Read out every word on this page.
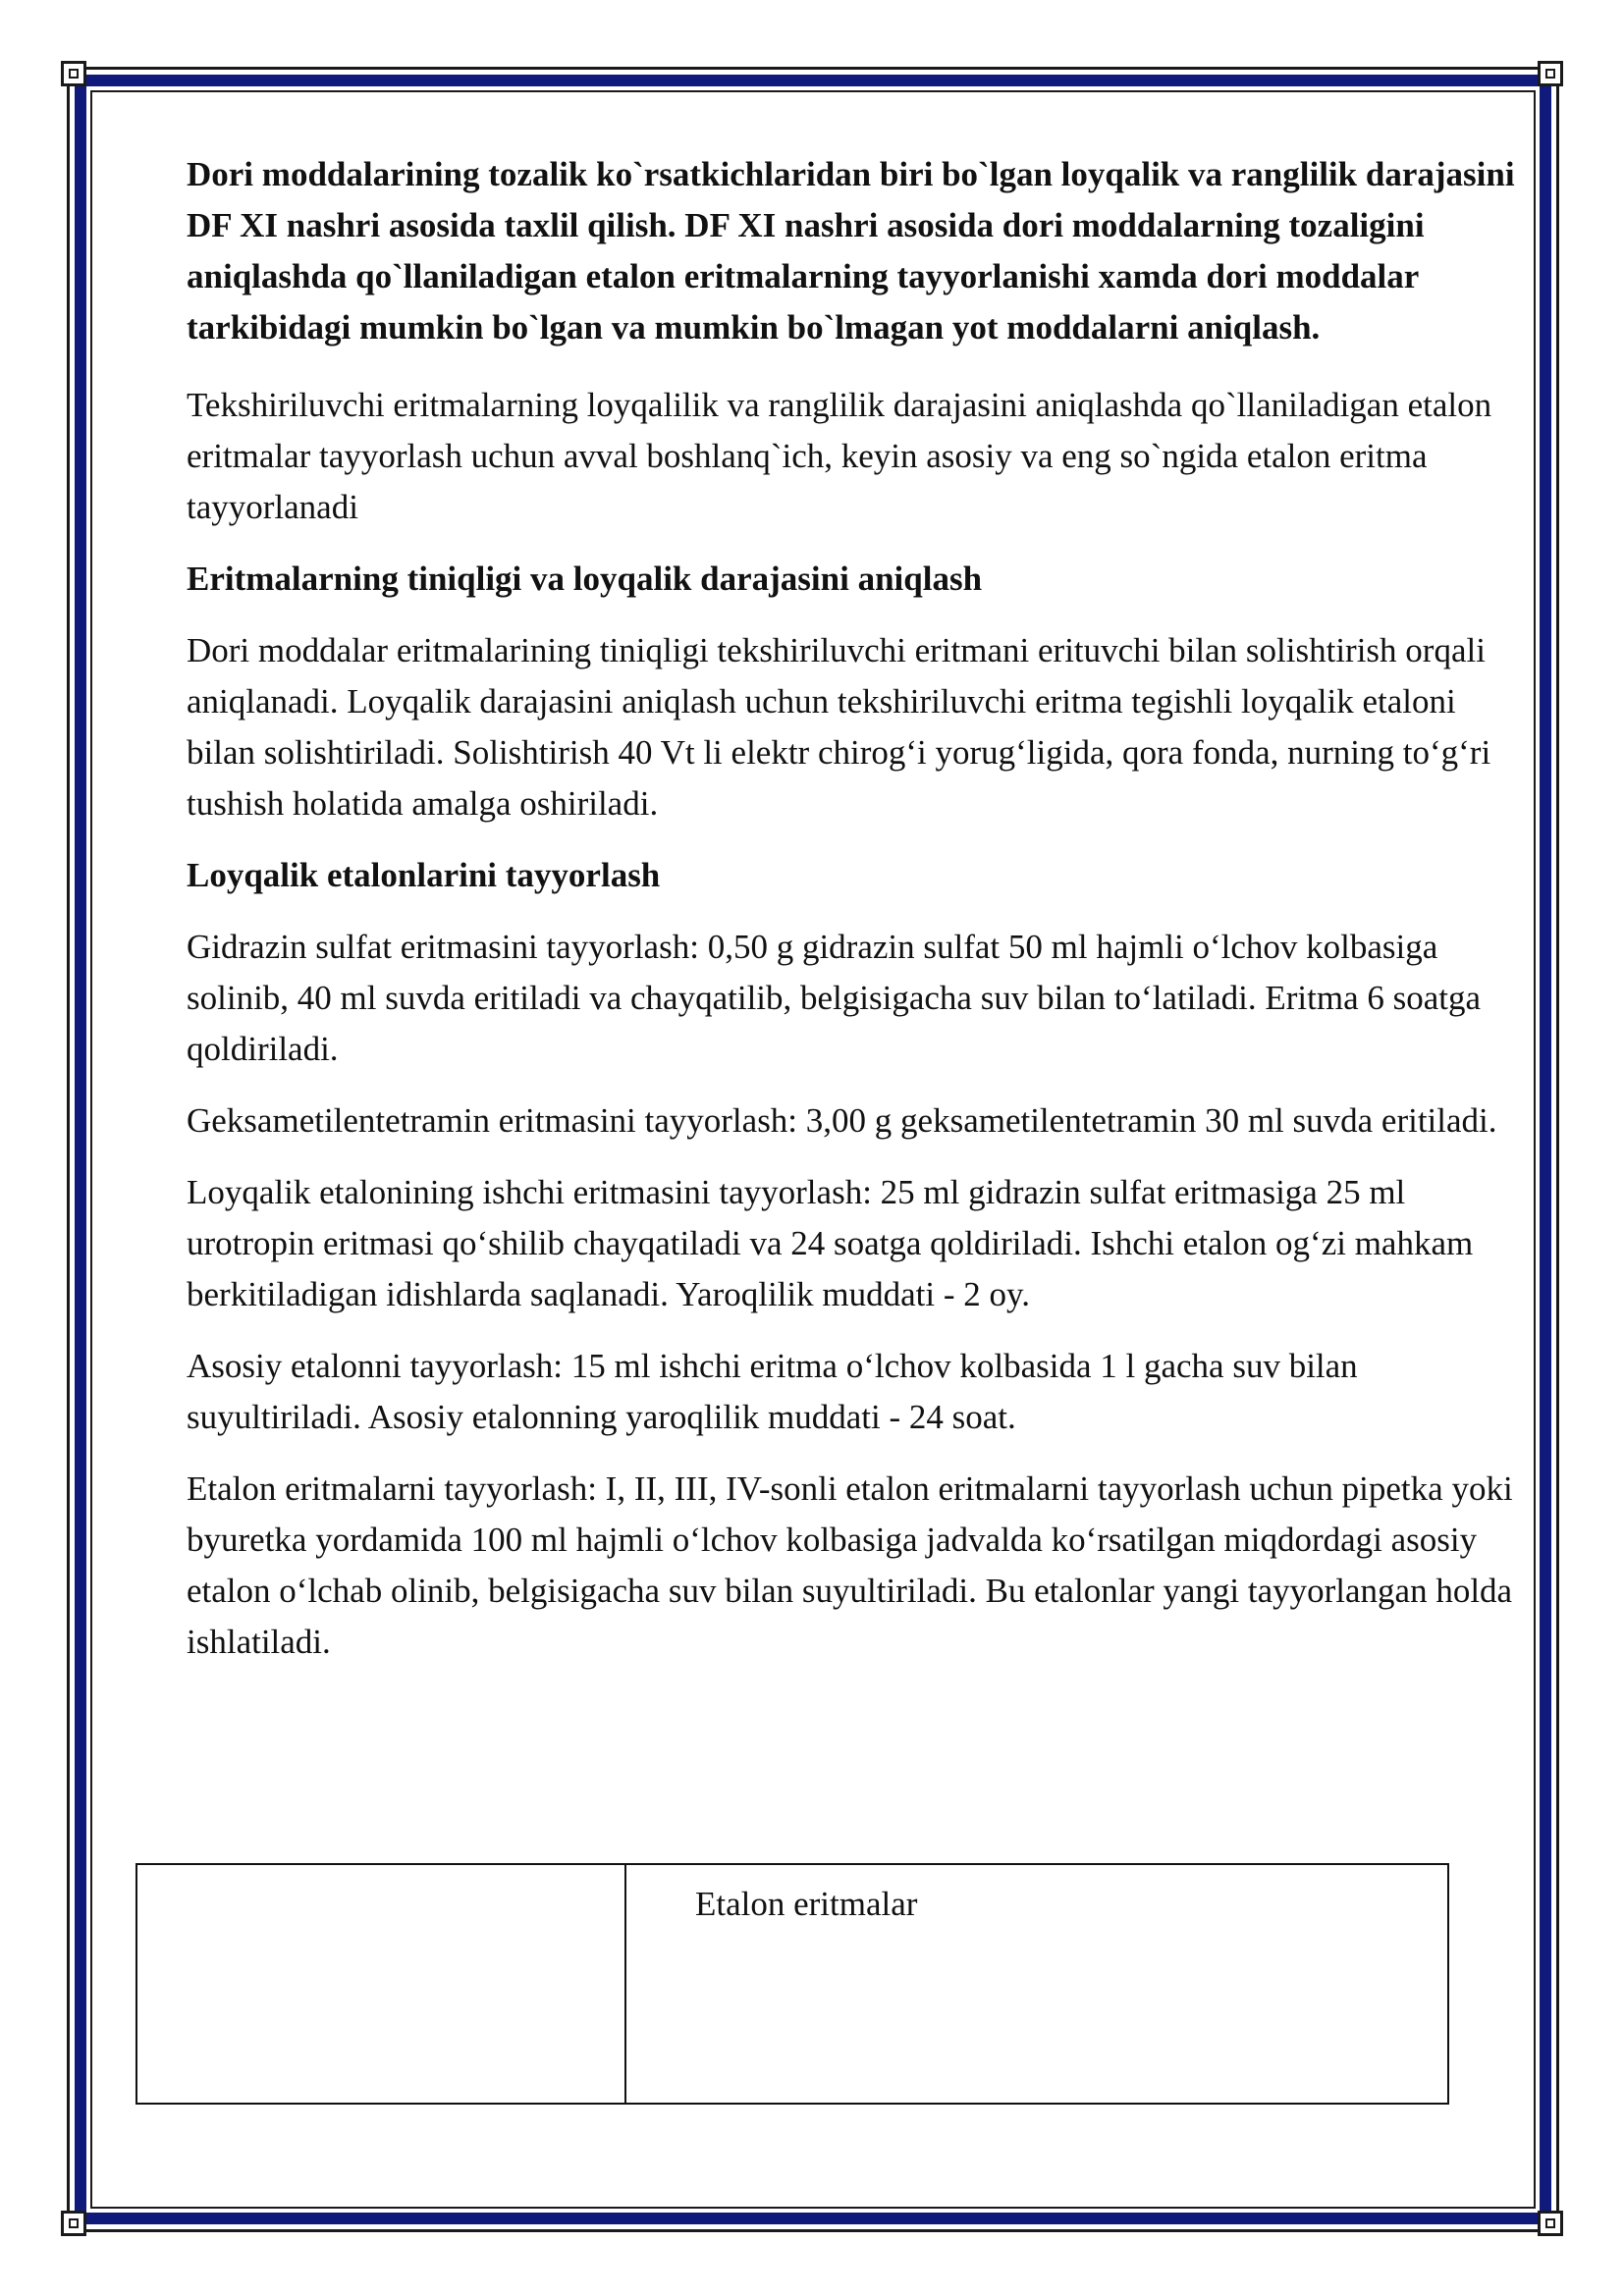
Dori moddalarining tozalik ko`rsatkichlaridan biri bo`lgan loyqalik va ranglilik darajasini DF XI nashri asosida taxlil qilish. DF XI nashri asosida dori moddalarning tozaligini aniqlashda qo`llaniladigan etalon eritmalarning tayyorlanishi xamda dori moddalar tarkibidagi mumkin bo`lgan va mumkin bo`lmagan yot moddalarni aniqlash.

Tekshiriluvchi eritmalarning loyqalilik va ranglilik darajasini aniqlashda qo`llaniladigan etalon eritmalar tayyorlash uchun avval boshlanq`ich, keyin asosiy va eng so`ngida etalon eritma tayyorlanadi

Eritmalarning tiniqligi va loyqalik darajasini aniqlash

Dori moddalar eritmalarining tiniqligi tekshiriluvchi eritmani erituvchi bilan solishtirish orqali aniqlanadi. Loyqalik darajasini aniqlash uchun tekshiriluvchi eritma tegishli loyqalik etaloni bilan solishtiriladi. Solishtirish 40 Vt li elektr chirog‘i yorug‘ligida, qora fonda, nurning to‘g‘ri tushish holatida amalga oshiriladi.

Loyqalik etalonlarini tayyorlash

Gidrazin sulfat eritmasini tayyorlash: 0,50 g gidrazin sulfat 50 ml hajmli o‘lchov kolbasiga solinib, 40 ml suvda eritiladi va chayqatilib, belgisigacha suv bilan to‘latiladi. Eritma 6 soatga qoldiriladi.

Geksametilentetramin eritmasini tayyorlash: 3,00 g geksametilentetramin 30 ml suvda eritiladi.

Loyqalik etalonining ishchi eritmasini tayyorlash: 25 ml gidrazin sulfat eritmasiga 25 ml urotropin eritmasi qo‘shilib chayqatiladi va 24 soatga qoldiriladi. Ishchi etalon og‘zi mahkam berkitiladigan idishlarda saqlanadi. Yaroqlilik muddati - 2 oy.

Asosiy etalonni tayyorlash: 15 ml ishchi eritma o‘lchov kolbasida 1 l gacha suv bilan suyultiriladi. Asosiy etalonning yaroqlilik muddati - 24 soat.

Etalon eritmalarni tayyorlash: I, II, III, IV-sonli etalon eritmalarni tayyorlash uchun pipetka yoki byuretka yordamida 100 ml hajmli o‘lchov kolbasiga jadvalda ko‘rsatilgan miqdordagi asosiy etalon o‘lchab olinib, belgisigacha suv bilan suyultiriladi. Bu etalonlar yangi tayyorlangan holda ishlatiladi.

Etalon eritmalar
